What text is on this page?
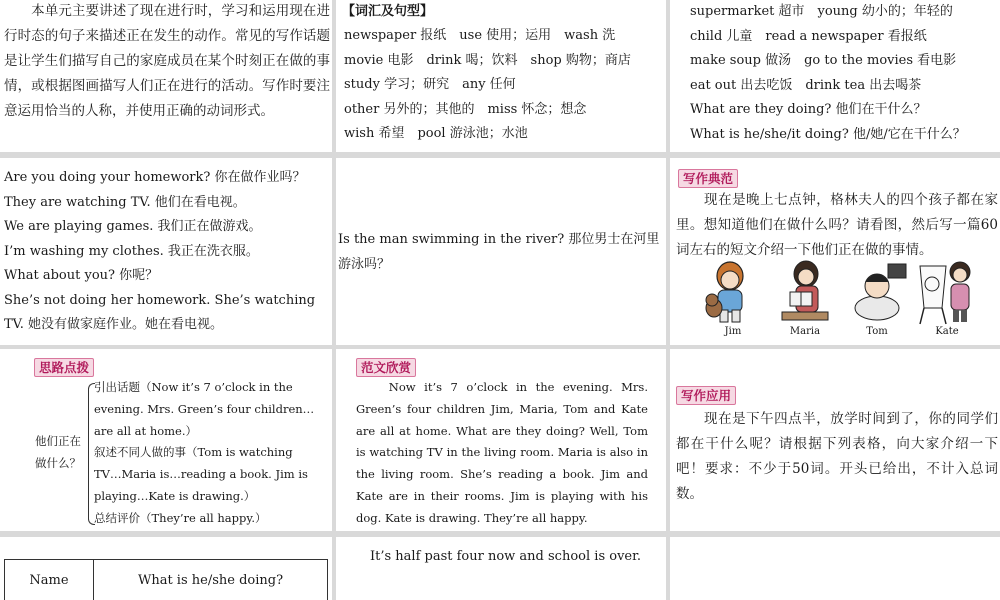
　　本单元主要讲述了现在进行时，学习和运用现在进行时态的句子来描述正在发生的动作。常见的写作话题是让学生们描写自己的家庭成员在某个时刻正在做的事情，或根据图画描写人们正在进行的活动。写作时要注意运用恰当的人称，并使用正确的动词形式。
【词汇及句型】
newspaper 报纸　use 使用；运用　wash 洗
movie 电影　drink 喝；饮料　shop 购物；商店
study 学习；研究　any 任何
other 另外的；其他的　miss 怀念；想念
wish 希望　pool 游泳池；水池
supermarket 超市　young 幼小的；年轻的
child 儿童　read a newspaper 看报纸
make soup 做汤　go to the movies 看电影
eat out 出去吃饭　drink tea 出去喝茶
What are they doing? 他们在干什么？
What is he/she/it doing? 他/她/它在干什么？
Are you doing your homework? 你在做作业吗？
They are watching TV. 他们在看电视。
We are playing games. 我们正在做游戏。
I’m washing my clothes. 我正在洗衣服。
What about you? 你呢？
She’s not doing her homework. She’s watching TV. 她没有做家庭作业。她在看电视。
Is the man swimming in the river? 那位男士在河里游泳吗？
写作典范
　　现在是晚上七点钟，格林夫人的四个孩子都在家里。想知道他们在做什么吗？请看图，然后写一篇60词左右的短文介绍一下他们正在做的事情。
Jim	Maria	Tom	Kate
思路点拨
他们正在做什么？
引出话题（Now it’s 7 o’clock in the evening. Mrs. Green’s four children…are all at home.）
叙述不同人做的事（Tom is watching TV…Maria is…reading a book. Jim is playing…Kate is drawing.）
总结评价（They’re all happy.）
范文欣赏
　　Now it’s 7 o’clock in the evening. Mrs. Green’s four children Jim, Maria, Tom and Kate are all at home. What are they doing? Well, Tom is watching TV in the living room. Maria is also in the living room. She’s reading a book. Jim and Kate are in their rooms. Jim is playing with his dog. Kate is drawing. They’re all happy.
写作应用
　　现在是下午四点半，放学时间到了，你的同学们都在干什么呢？请根据下列表格，向大家介绍一下吧！要求：不少于50词。开头已给出，不计入总词数。
Name	What is he/she doing?

　　It’s half past four now and school is over.
